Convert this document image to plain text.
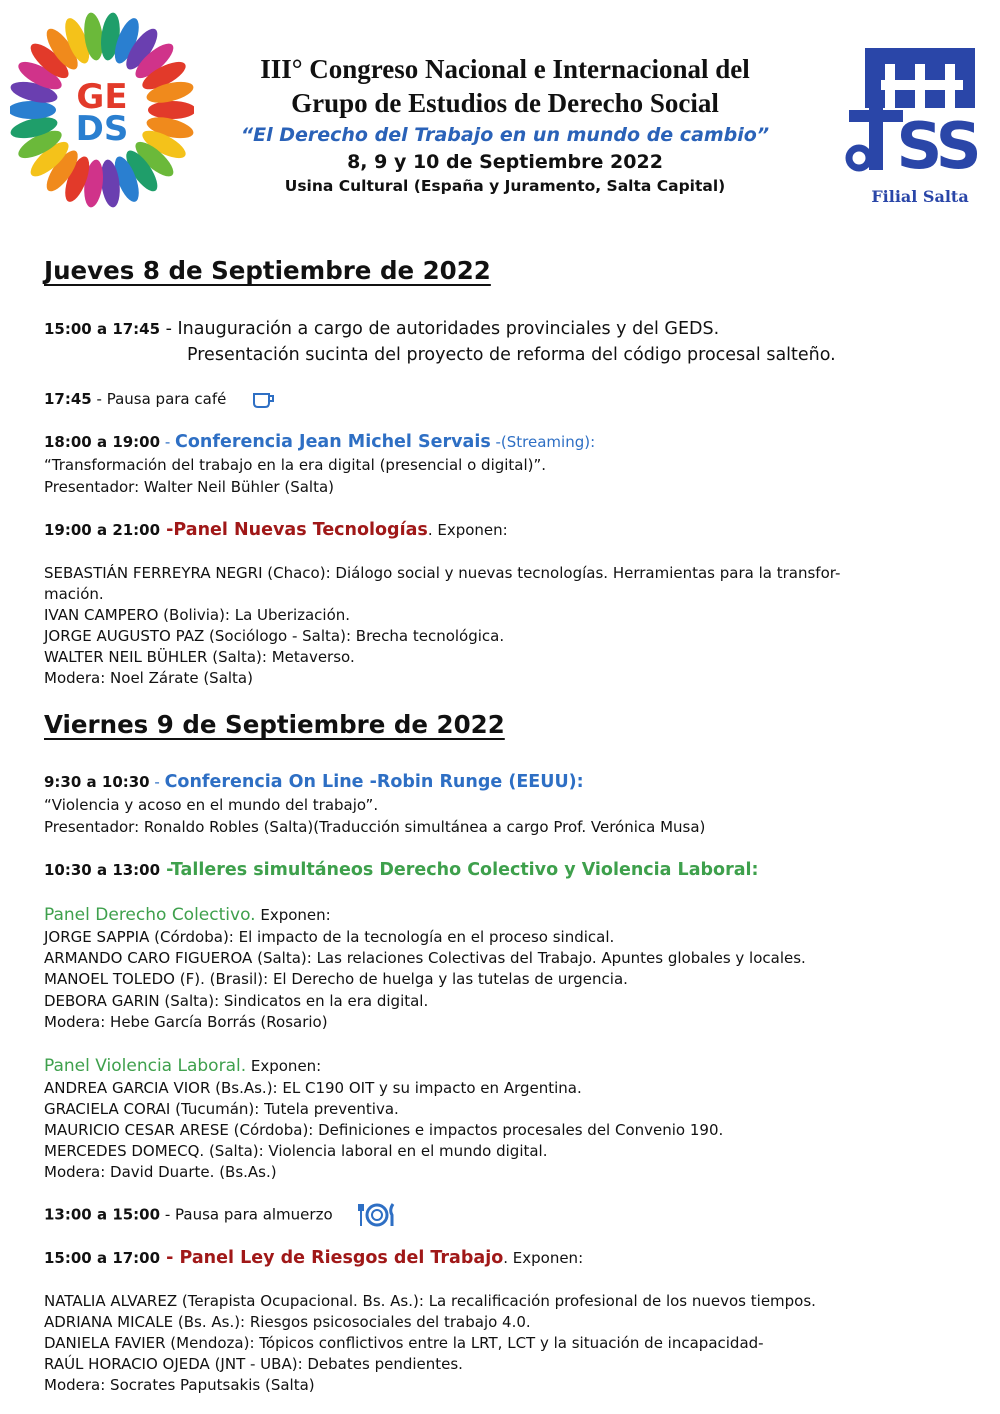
GE
DS
III° Congreso Nacional e Internacional del
Grupo de Estudios de Derecho Social
“El Derecho del Trabajo en un mundo de cambio”
8, 9 y 10 de Septiembre 2022
Usina Cultural (España y Juramento, Salta Capital)
SS
Filial Salta
Jueves 8 de Septiembre de 2022
15:00 a 17:45 - Inauguración a cargo de autoridades provinciales y del GEDS.
Presentación sucinta del proyecto de reforma del código procesal salteño.
17:45 - Pausa para café
18:00 a 19:00 - Conferencia Jean Michel Servais -(Streaming):
“Transformación del trabajo en la era digital (presencial o digital)”.
Presentador: Walter Neil Bühler (Salta)
19:00 a 21:00 -Panel Nuevas Tecnologías. Exponen:
SEBASTIÁN FERREYRA NEGRI (Chaco): Diálogo social y nuevas tecnologías. Herramientas para la transfor-
mación.
IVAN CAMPERO (Bolivia): La Uberización.
JORGE AUGUSTO PAZ (Sociólogo - Salta): Brecha tecnológica.
WALTER NEIL BÜHLER (Salta): Metaverso.
Modera: Noel Zárate (Salta)
Viernes 9 de Septiembre de 2022
9:30 a 10:30 - Conferencia On Line -Robin Runge (EEUU):
“Violencia y acoso en el mundo del trabajo”.
Presentador: Ronaldo Robles (Salta)(Traducción simultánea a cargo Prof. Verónica Musa)
10:30 a 13:00 -Talleres simultáneos Derecho Colectivo y Violencia Laboral:
Panel Derecho Colectivo. Exponen:
JORGE SAPPIA (Córdoba): El impacto de la tecnología en el proceso sindical.
ARMANDO CARO FIGUEROA (Salta): Las relaciones Colectivas del Trabajo. Apuntes globales y locales.
MANOEL TOLEDO (F). (Brasil): El Derecho de huelga y las tutelas de urgencia.
DEBORA GARIN (Salta): Sindicatos en la era digital.
Modera: Hebe García Borrás (Rosario)
Panel Violencia Laboral. Exponen:
ANDREA GARCIA VIOR (Bs.As.): EL C190 OIT y su impacto en Argentina.
GRACIELA CORAI (Tucumán): Tutela preventiva.
MAURICIO CESAR ARESE (Córdoba): Definiciones e impactos procesales del Convenio 190.
MERCEDES DOMECQ. (Salta): Violencia laboral en el mundo digital.
Modera: David Duarte. (Bs.As.)
13:00 a 15:00 - Pausa para almuerzo
15:00 a 17:00 - Panel Ley de Riesgos del Trabajo. Exponen:
NATALIA ALVAREZ (Terapista Ocupacional. Bs. As.): La recalificación profesional de los nuevos tiempos.
ADRIANA MICALE (Bs. As.): Riesgos psicosociales del trabajo 4.0.
DANIELA FAVIER (Mendoza): Tópicos conflictivos entre la LRT, LCT y la situación de incapacidad-
RAÚL HORACIO OJEDA (JNT - UBA): Debates pendientes.
Modera: Socrates Paputsakis (Salta)
